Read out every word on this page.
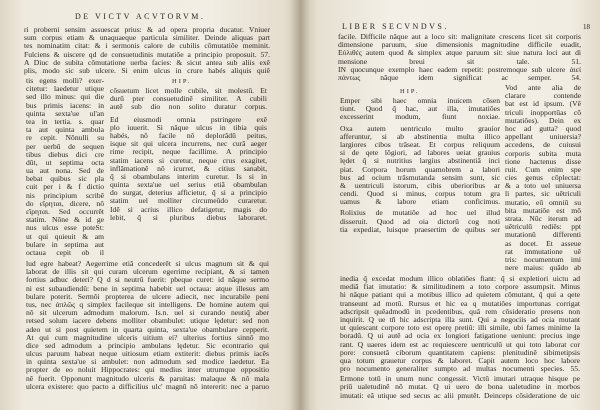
DE VICTV ACVTORVM.
ri proberni sensim assuescat prius: & ad opera propria ducatur. Vniuer
sum corpus etiam & unaquaeque particula similiter. Deinde aliquas part
tes nominatim citat: & i sermonis calore de cubilis cõmutatiõe meminit.
Fulciens & uiscere qd de consuetudinis mutatiõe a principio proposuit. 57.
A Diuc de subita cõmutatione uerba facies: & sicut antea sub aliis exẽ
plis, modo sic sub ulcere. Si enim ulcus in crure habés aliquis quiẽ
tis egens molli? exer-
citetur: laedetur utique
sed illo minus: qui die
bus primis iacens: in
quinta sexta'ue ul'an
tea in tertia. s. quar
ta aut quinta ambula
re cepit. Nõnulli su
per uerbũ de sequen
tibus diebus dici cre
dũt, ut septima octa
ua aut nona. Sed de
bebat quibus sic pla
cuit per i & f dictio
nis principium scribẽ
do εἴρηται, dicere, nõ
εἴρηται. Sed occurrẽt
statim. Nõne & id ge
nus ulcus esse poteSt:
ut qui quieuit & am
bulare in septima aut
octaua cepit ob il
HIP.
cõsuetum licet molle cubile, sit molestũ. Et
durũ pter consuetudinẽ similiter. A cubili
autẽ sub dio non solito duratur corpus.
Ed eiusmodi omnia pstringere exẽ
plo iuuerit. Si nãque ulcus in tibia quis
habés, nõ facile nõ deplorãdũ peitus,
isque sit qui ulcera incurrens, nec curã aeger
rime recipit, neque facillime. A principio
statim iacens si curetur, neque crus exagitet,
inflãmationẽ nõ icurret, & citius sanabit,
q̃ si obambulans interim curetur. Is si in
quinta sexta'ue uel serius etiã obambulan
do surgat, deterius afficietur, q̃ si a principio
statim uel molliter circumeũdo curaretur.
Idẽ si acrius illico defatigetur, magis do
lebit, q̃ si pluribus diebus laboraret.
lud egre habeat? Aegerrime etiã concederẽt si ulcus magnum sit & qui
laborat de illis sit qui curam ulcerum egerrime recipiant, & si tamen
fortius adhuc deteri? Q d si neutrũ fuerit: pbeque curet: id nãque sermo
ni est subaudiendũ: bene in septima habebit uel octaua: atque illesus am
bulare poterit. Sermõi propterea de ulcere adiecit, nec incurabile peni
tus, nec ἁπλῶς q simplex facileque sit intelligens. De homine autem qui
nõ sit ulcerum admodum malorum. Is.n. uel si curando neutiq̃ aber
retsed solum iacere debens molliter obambulet: utique lędetur: sed non
adeo ut si post quietem in quarta quinta, sexta'ue obambulare cepperit.
At qui cum magnitudine ulceris uitium ei? ulterius fortius sinnõ mo
dice sed admodum a principio ambulans lędetur. Sic econtrario qui
ulcus paruum habeat neque uitiosum etiam extiterit: diebus primis iacẽs
in quinta sexta'ue si ambulet: non admodum sed modice laedetur. Ea
propter de eo noluit Hippocrates: qui medius inter utrumque oppositio
nẽ fuerit. Opponunt magnitudo ulceris & paruitas: malaque & nõ mala
ulcera existere: quo pacto a difficilius ulc' magnũ nõ intererit: nec a paruo
LIBER SECVNDVS.	18
facile. Difficile nãque aut a loco sit: malignitate crescens licet sit corporis
dimensione paruum, siue dimensionis magnitudine difficile euadit,
Εὐλιθές autem quod & simplex atque paruum sit: siue natura loci aut di
mensione breui sit tale. 51.
IN quocunque exemplo haec eadem repetit: postremoque sub ulcere ἀιεί
πάντως nãque idem significat ac semper. 54.
HIP.
Emper sibi haec omnia inuicem cõsen
tiunt. Quod q̃ hac, aut illa, imutatiões
excesserint modum, fiunt noxiae.
Oxa autem uentriculo multo grauior
afferuntur, si ab abstinentia multa illico
largiores cibos trãseat. Et corpus reliquum
si de qete lõgiori, ad labores ueiat grauius
lędet q̃ si nutritius largius abstinentiã inci
piat. Corpora horum quamobrem a labori
bus ad ocium trãsmutanda sensim sunt, sic
& uentriculi istorum, cibis uberioribus ar
cendi. Quod si minus, corpus totum gra
uamus & labore etiam conficimus.
Rolixius de mutatiõe ad hoc uel illud
disseruit. Quod ad oia dictorũ cog noti
tia expediat, luisque praesertim de quibus ser
Vod ante alia de
clarare contende
bat est id ipsum. (Vẽ
triculi inopportũas cõ
mutatiões). Dein ex
hoc ad gutta? quod
appellant uniuersia?
accedens, de cuiusui
corporis subita muta
tione hactenus disse
ruit. Cum enim spe
cies genus cõplectat:
& a toto uel uniuersa
li partes, sic uẽtriculi
mutatio, eũ omniũ su
bita mutatiõe est mõ
strata. Nũc iterum ad
uẽtriculũ rediẽs: ppt
mutationũ differenti
as docet. Et asseue
rat immutatione uẽ
tris: nocumentum imi
nere maius: quãdo ab
inedia q̃ excedat modum illico oblatiões fiant: q̃ si expletiori uictu ad
mediã fiat imutatio: & similitudinem a toto corpore assumpsit. Minus
hi nãque patiant qui a motibus illico ad quietem cõmutant, q̃ qui a qete
transeunt ad motũ. Rursus et hic ea q mutatiões importunas corrigat
adscripsit quẽadmodũ in pcedentibus, quã rem cõsideratio presens non
inquirit. Q ue tñ hic adscripta illa sunt. Qui a negociis ad ocia mutant
ut quiescant corpore toto est operę pretiũ: illi simile, ubi fames minime la
boradũ. Q ui autẽ ad ocia ex longiori fatigatione ueniunt: precius inge
rant. Q uaeres idem est ac requiescere uentriculũ ut qui toto laborat cor
pore: consuetã ciborum quantitatem capiens: plenitudinẽ sibimetipsis
qua totum grauetur corpus & laboret. Capit autem loco hoc labore
pro nocumento generaliter sumpto ad multas nocumenti species. 55.
Ermone totũ in unum nunc congessit. Victũ imutari utraque hisque pe
priũ ualetudinẽ nõ mutat. Q ui uero de bona ualetudine in morbos
imutati: eã utique sed secus ac alii pmutẽt. Deinceps cõsideratione de uic
